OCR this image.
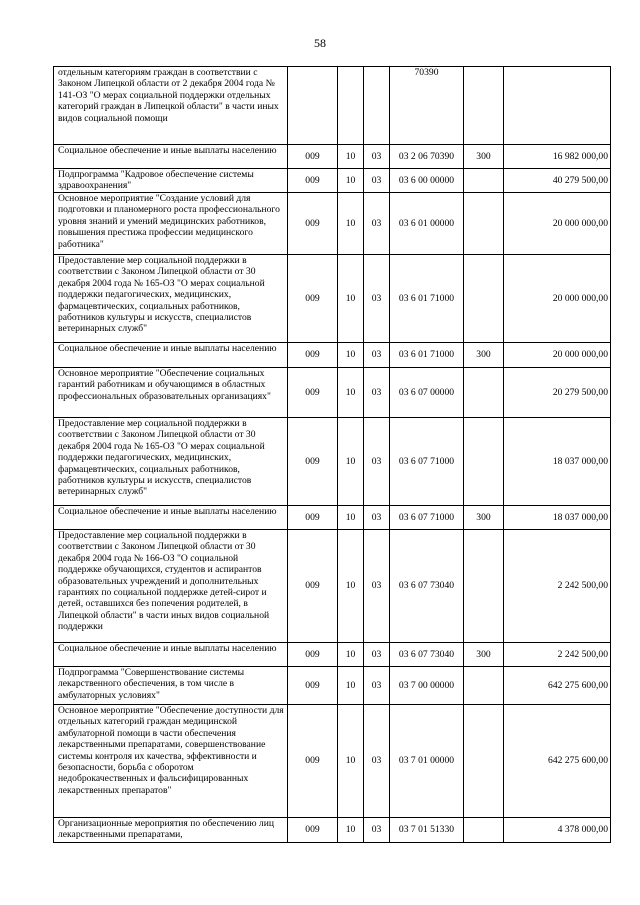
58
отдельным категориям граждан в соответствии с Законом Липецкой области от 2 декабря 2004 года № 141-ОЗ "О мерах социальной поддержки отдельных категорий граждан в Липецкой области" в части иных видов социальной помощи				70390		
Социальное обеспечение и иные выплаты населению	009	10	03	03 2 06 70390	300	16 982 000,00
Подпрограмма "Кадровое обеспечение системы здравоохранения"	009	10	03	03 6 00 00000		40 279 500,00
Основное мероприятие "Создание условий для подготовки и планомерного роста профессионального уровня знаний и умений медицинских работников, повышения престижа профессии медицинского работника"	009	10	03	03 6 01 00000		20 000 000,00
Предоставление мер социальной поддержки в соответствии с Законом Липецкой области от 30 декабря 2004 года № 165-ОЗ "О мерах социальной поддержки педагогических, медицинских, фармацевтических, социальных работников, работников культуры и искусств, специалистов ветеринарных служб"	009	10	03	03 6 01 71000		20 000 000,00
Социальное обеспечение и иные выплаты населению	009	10	03	03 6 01 71000	300	20 000 000,00
Основное мероприятие "Обеспечение социальных гарантий работникам и обучающимся в областных профессиональных образовательных организациях"	009	10	03	03 6 07 00000		20 279 500,00
Предоставление мер социальной поддержки в соответствии с Законом Липецкой области от 30 декабря 2004 года № 165-ОЗ "О мерах социальной поддержки педагогических, медицинских, фармацевтических, социальных работников, работников культуры и искусств, специалистов ветеринарных служб"	009	10	03	03 6 07 71000		18 037 000,00
Социальное обеспечение и иные выплаты населению	009	10	03	03 6 07 71000	300	18 037 000,00
Предоставление мер социальной поддержки в соответствии с Законом Липецкой области от 30 декабря 2004 года № 166-ОЗ "О социальной поддержке обучающихся, студентов и аспирантов образовательных учреждений и дополнительных гарантиях по социальной поддержке детей-сирот и детей, оставшихся без попечения родителей, в Липецкой области" в части иных видов социальной поддержки	009	10	03	03 6 07 73040		2 242 500,00
Социальное обеспечение и иные выплаты населению	009	10	03	03 6 07 73040	300	2 242 500,00
Подпрограмма "Совершенствование системы лекарственного обеспечения, в том числе в амбулаторных условиях"	009	10	03	03 7 00 00000		642 275 600,00
Основное мероприятие "Обеспечение доступности для отдельных категорий граждан медицинской амбулаторной помощи в части обеспечения лекарственными препаратами, совершенствование системы контроля их качества, эффективности и безопасности, борьба с оборотом недоброкачественных и фальсифицированных лекарственных препаратов"	009	10	03	03 7 01 00000		642 275 600,00
Организационные мероприятия по обеспечению лиц лекарственными препаратами,	009	10	03	03 7 01 51330		4 378 000,00
